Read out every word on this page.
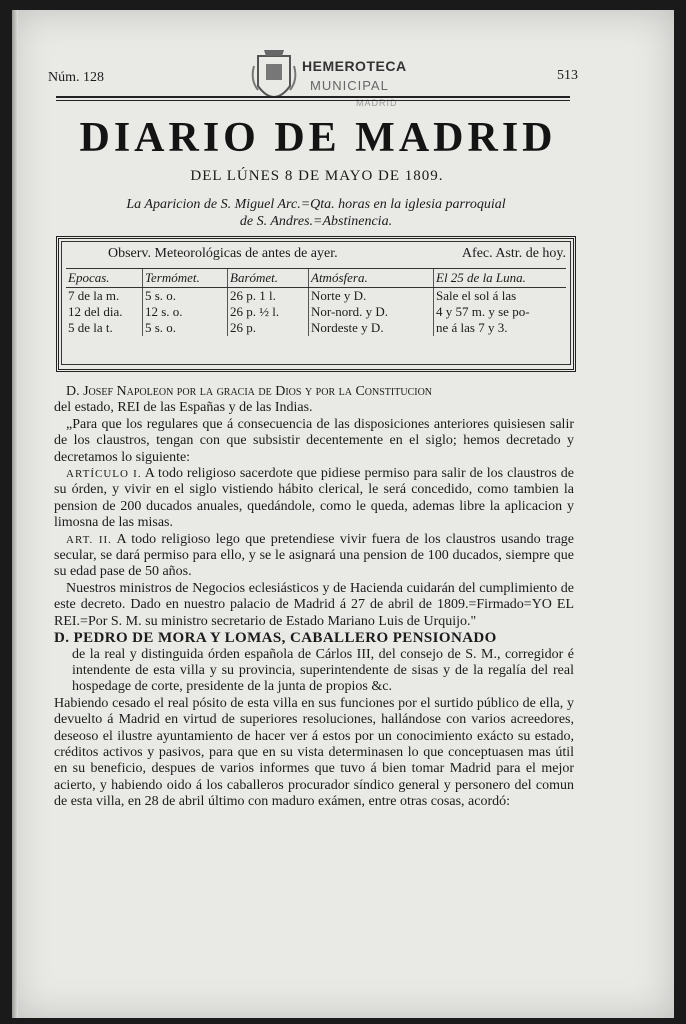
Núm. 128	513
HEMEROTECA
MUNICIPAL
MADRID
DIARIO DE MADRID
DEL LÚNES 8 DE MAYO DE 1809.
La Aparicion de S. Miguel Arc.=Qta. horas en la iglesia parroquial
de S. Andres.=Abstinencia.
Observ. Meteorológicas de antes de ayer.	Afec. Astr. de hoy.
Epocas.	Termómet.	Barómet.	Atmósfera.	El 25 de la Luna.
7 de la m.	5 s. o.	26 p. 1 l.	Norte y D.	Sale el sol á las
12 del dia.	12 s. o.	26 p. ½ l.	Nor-nord. y D.	4 y 57 m. y se po-
5 de la t.	5 s. o.	26 p.	Nordeste y D.	ne á las 7 y 3.

D. Josef Napoleon por la gracia de Dios y por la Constitucion

del estado, REI de las Españas y de las Indias.

„Para que los regulares que á consecuencia de las disposiciones anteriores quisiesen salir de los claustros, tengan con que subsistir decentemente en el siglo; hemos decretado y decretamos lo siguiente:

ARTÍCULO I. A todo religioso sacerdote que pidiese permiso para salir de los claustros de su órden, y vivir en el siglo vistiendo hábito clerical, le será concedido, como tambien la pension de 200 ducados anuales, quedándole, como le queda, ademas libre la aplicacion y limosna de las misas.

ART. II. A todo religioso lego que pretendiese vivir fuera de los claustros usando trage secular, se dará permiso para ello, y se le asignará una pension de 100 ducados, siempre que su edad pase de 50 años.

Nuestros ministros de Negocios eclesiásticos y de Hacienda cuidarán del cumplimiento de este decreto. Dado en nuestro palacio de Madrid á 27 de abril de 1809.=Firmado=YO EL REI.=Por S. M. su ministro secretario de Estado Mariano Luis de Urquijo."

D. PEDRO DE MORA Y LOMAS, CABALLERO PENSIONADO

de la real y distinguida órden española de Cárlos III, del consejo de S. M., corregidor é intendente de esta villa y su provincia, superintendente de sisas y de la regalía del real hospedage de corte, presidente de la junta de propios &c.

Habiendo cesado el real pósito de esta villa en sus funciones por el surtido público de ella, y devuelto á Madrid en virtud de superiores resoluciones, hallándose con varios acreedores, deseoso el ilustre ayuntamiento de hacer ver á estos por un conocimiento exácto su estado, créditos activos y pasivos, para que en su vista determinasen lo que conceptuasen mas útil en su beneficio, despues de varios informes que tuvo á bien tomar Madrid para el mejor acierto, y habiendo oido á los caballeros procurador síndico general y personero del comun de esta villa, en 28 de abril último con maduro exámen, entre otras cosas, acordó:
